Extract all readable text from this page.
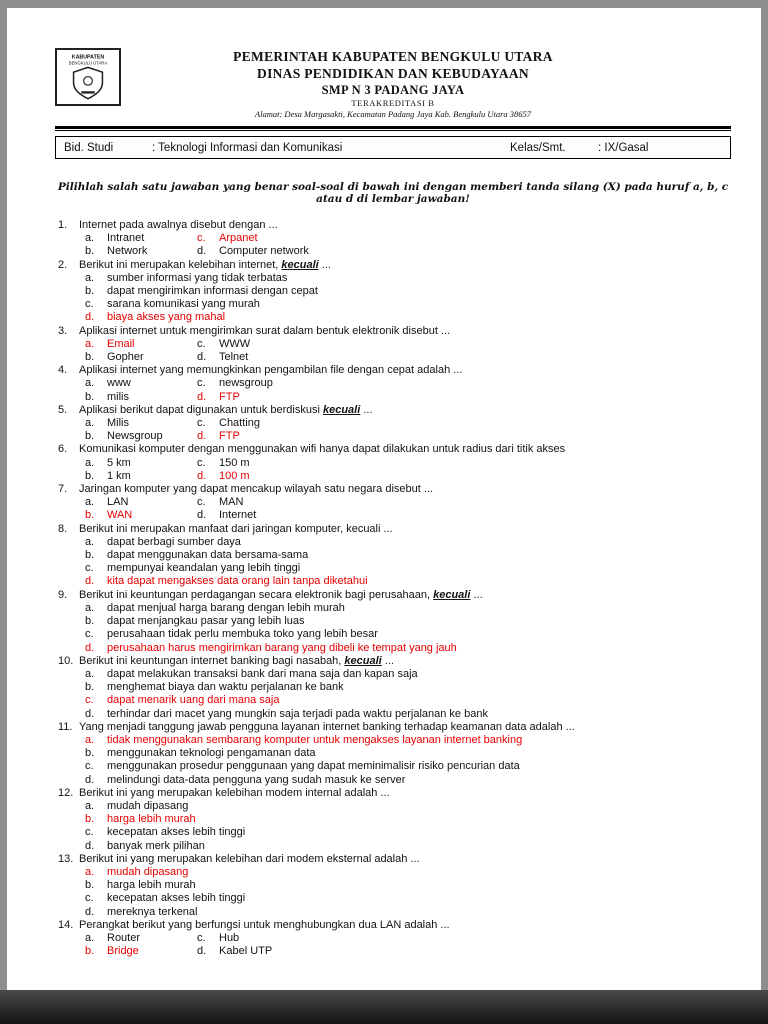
KABUPATEN
BENGKULU UTARA	PEMERINTAH KABUPATEN BENGKULU UTARA
DINAS PENDIDIKAN DAN KEBUDAYAAN
SMP N 3 PADANG JAYA
TERAKREDITASI B
Alamat: Desa Margasakti, Kecamatan Padang Jaya Kab. Bengkulu Utara 38657
Bid. Studi	: Teknologi Informasi dan Komunikasi	Kelas/Smt.	: IX/Gasal
Pilihlah salah satu jawaban yang benar soal-soal di bawah ini dengan memberi tanda silang (X) pada huruf a, b, c atau d di lembar jawaban!
1.	Internet pada awalnya disebut dengan ...
a.	Intranet
b.	Network
c.	Arpanet
d.	Computer network
2.	Berikut ini merupakan kelebihan internet, kecuali ...
a.	sumber informasi yang tidak terbatas
b.	dapat mengirimkan informasi dengan cepat
c.	sarana komunikasi yang murah
d.	biaya akses yang mahal
3.	Aplikasi internet untuk mengirimkan surat dalam bentuk elektronik disebut ...
a.	Email
b.	Gopher
c.	WWW
d.	Telnet
4.	Aplikasi internet yang memungkinkan pengambilan file dengan cepat adalah ...
a.	www
b.	milis
c.	newsgroup
d.	FTP
5.	Aplikasi berikut dapat digunakan untuk berdiskusi kecuali ...
a.	Milis
b.	Newsgroup
c.	Chatting
d.	FTP
6.	Komunikasi komputer dengan menggunakan wifi hanya dapat dilakukan untuk radius dari titik akses
a.	5 km
b.	1 km
c.	150 m
d.	100 m
7.	Jaringan komputer yang dapat mencakup wilayah satu negara disebut ...
a.	LAN
b.	WAN
c.	MAN
d.	Internet
8.	Berikut ini merupakan manfaat dari jaringan komputer, kecuali ...
a.	dapat berbagi sumber daya
b.	dapat menggunakan data bersama-sama
c.	mempunyai keandalan yang lebih tinggi
d.	kita dapat mengakses data orang lain tanpa diketahui
9.	Berikut ini keuntungan perdagangan secara elektronik bagi perusahaan, kecuali ...
a.	dapat menjual harga barang dengan lebih murah
b.	dapat menjangkau pasar yang lebih luas
c.	perusahaan tidak perlu membuka toko yang lebih besar
d.	perusahaan harus mengirimkan barang yang dibeli ke tempat yang jauh
10. Berikut ini keuntungan internet banking bagi nasabah, kecuali ...
a.	dapat melakukan transaksi bank dari mana saja dan kapan saja
b.	menghemat biaya dan waktu perjalanan ke bank
c.	dapat menarik uang dari mana saja
d.	terhindar dari macet yang mungkin saja terjadi pada waktu perjalanan ke bank
11. Yang menjadi tanggung jawab pengguna layanan internet banking terhadap keamanan data adalah ...
a.	tidak menggunakan sembarang komputer untuk mengakses layanan internet banking
b.	menggunakan teknologi pengamanan data
c.	menggunakan prosedur penggunaan yang dapat meminimalisir risiko pencurian data
d.	melindungi data-data pengguna yang sudah masuk ke server
12. Berikut ini yang merupakan kelebihan modem internal adalah ...
a.	mudah dipasang
b.	harga lebih murah
c.	kecepatan akses lebih tinggi
d.	banyak merk pilihan
13. Berikut ini yang merupakan kelebihan dari modem eksternal adalah ...
a.	mudah dipasang
b.	harga lebih murah
c.	kecepatan akses lebih tinggi
d.	mereknya terkenal
14. Perangkat berikut yang berfungsi untuk menghubungkan dua LAN adalah ...
a.	Router
b.	Bridge
c.	Hub
d.	Kabel UTP
